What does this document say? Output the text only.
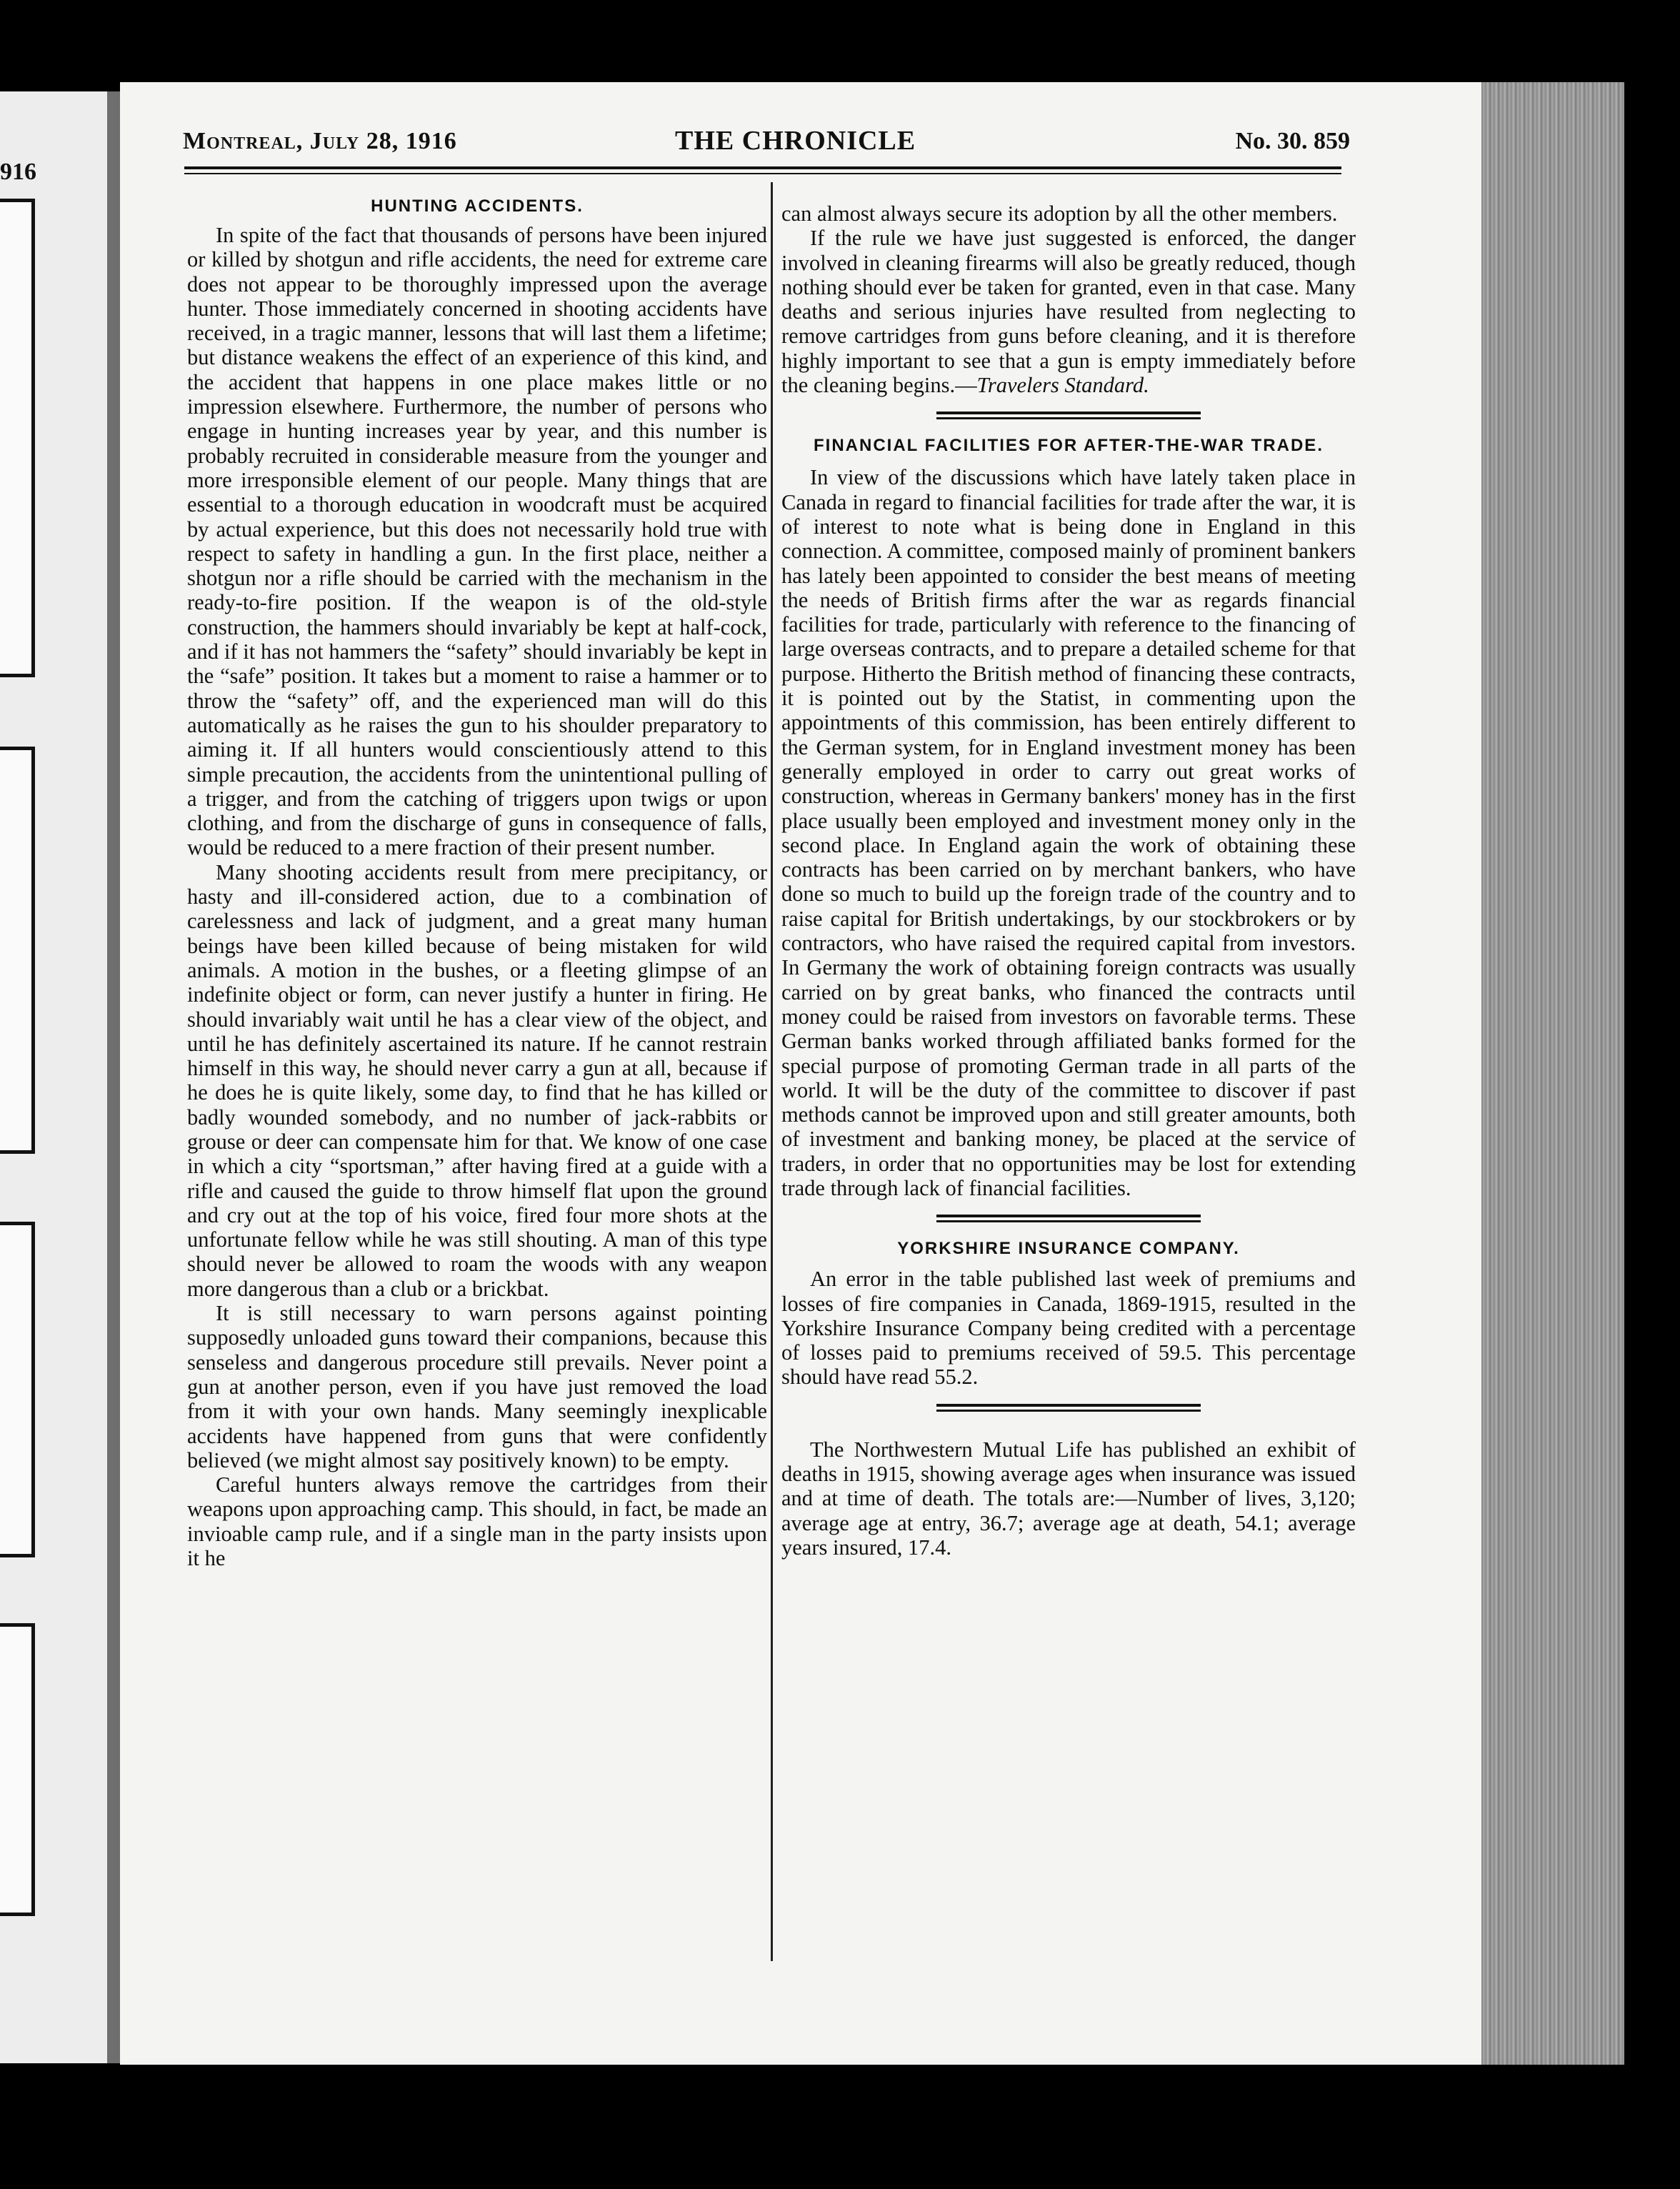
916
Montreal, July 28, 1916	THE CHRONICLE	No. 30. 859
HUNTING ACCIDENTS.

In spite of the fact that thousands of persons have been injured or killed by shotgun and rifle accidents, the need for extreme care does not appear to be thoroughly impressed upon the average hunter. Those immediately concerned in shooting accidents have received, in a tragic manner, lessons that will last them a lifetime; but distance weakens the effect of an experience of this kind, and the accident that happens in one place makes little or no impression elsewhere. Furthermore, the number of persons who engage in hunting increases year by year, and this number is probably recruited in considerable measure from the younger and more irresponsible element of our people. Many things that are essential to a thorough education in woodcraft must be acquired by actual experience, but this does not necessarily hold true with respect to safety in handling a gun. In the first place, neither a shotgun nor a rifle should be carried with the mechanism in the ready-to-fire position. If the weapon is of the old-style construction, the hammers should invariably be kept at half-cock, and if it has not hammers the “safety” should invariably be kept in the “safe” position. It takes but a moment to raise a hammer or to throw the “safety” off, and the experienced man will do this automatically as he raises the gun to his shoulder preparatory to aiming it. If all hunters would conscientiously attend to this simple precaution, the accidents from the unintentional pulling of a trigger, and from the catching of triggers upon twigs or upon clothing, and from the discharge of guns in consequence of falls, would be reduced to a mere fraction of their present number.

Many shooting accidents result from mere precipitancy, or hasty and ill-considered action, due to a combination of carelessness and lack of judgment, and a great many human beings have been killed because of being mistaken for wild animals. A motion in the bushes, or a fleeting glimpse of an indefinite object or form, can never justify a hunter in firing. He should invariably wait until he has a clear view of the object, and until he has definitely ascertained its nature. If he cannot restrain himself in this way, he should never carry a gun at all, because if he does he is quite likely, some day, to find that he has killed or badly wounded somebody, and no number of jack-rabbits or grouse or deer can compensate him for that. We know of one case in which a city “sportsman,” after having fired at a guide with a rifle and caused the guide to throw himself flat upon the ground and cry out at the top of his voice, fired four more shots at the unfortunate fellow while he was still shouting. A man of this type should never be allowed to roam the woods with any weapon more dangerous than a club or a brickbat.

It is still necessary to warn persons against pointing supposedly unloaded guns toward their companions, because this senseless and dangerous procedure still prevails. Never point a gun at another person, even if you have just removed the load from it with your own hands. Many seemingly inexplicable accidents have happened from guns that were confidently believed (we might almost say positively known) to be empty.

Careful hunters always remove the cartridges from their weapons upon approaching camp. This should, in fact, be made an invioable camp rule, and if a single man in the party insists upon it he

can almost always secure its adoption by all the other members.

If the rule we have just suggested is enforced, the danger involved in cleaning firearms will also be greatly reduced, though nothing should ever be taken for granted, even in that case. Many deaths and serious injuries have resulted from neglecting to remove cartridges from guns before cleaning, and it is therefore highly important to see that a gun is empty immediately before the cleaning begins.—Travelers Standard.

FINANCIAL FACILITIES FOR AFTER-THE-WAR TRADE.

In view of the discussions which have lately taken place in Canada in regard to financial facilities for trade after the war, it is of interest to note what is being done in England in this connection. A committee, composed mainly of prominent bankers has lately been appointed to consider the best means of meeting the needs of British firms after the war as regards financial facilities for trade, particularly with reference to the financing of large overseas contracts, and to prepare a detailed scheme for that purpose. Hitherto the British method of financing these contracts, it is pointed out by the Statist, in commenting upon the appointments of this commission, has been entirely different to the German system, for in England investment money has been generally employed in order to carry out great works of construction, whereas in Germany bankers' money has in the first place usually been employed and investment money only in the second place. In England again the work of obtaining these contracts has been carried on by merchant bankers, who have done so much to build up the foreign trade of the country and to raise capital for British undertakings, by our stockbrokers or by contractors, who have raised the required capital from investors. In Germany the work of obtaining foreign contracts was usually carried on by great banks, who financed the contracts until money could be raised from investors on favorable terms. These German banks worked through affiliated banks formed for the special purpose of promoting German trade in all parts of the world. It will be the duty of the committee to discover if past methods cannot be improved upon and still greater amounts, both of investment and banking money, be placed at the service of traders, in order that no opportunities may be lost for extending trade through lack of financial facilities.

YORKSHIRE INSURANCE COMPANY.

An error in the table published last week of premiums and losses of fire companies in Canada, 1869-1915, resulted in the Yorkshire Insurance Company being credited with a percentage of losses paid to premiums received of 59.5. This percentage should have read 55.2.

The Northwestern Mutual Life has published an exhibit of deaths in 1915, showing average ages when insurance was issued and at time of death. The totals are:—Number of lives, 3,120; average age at entry, 36.7; average age at death, 54.1; average years insured, 17.4.
